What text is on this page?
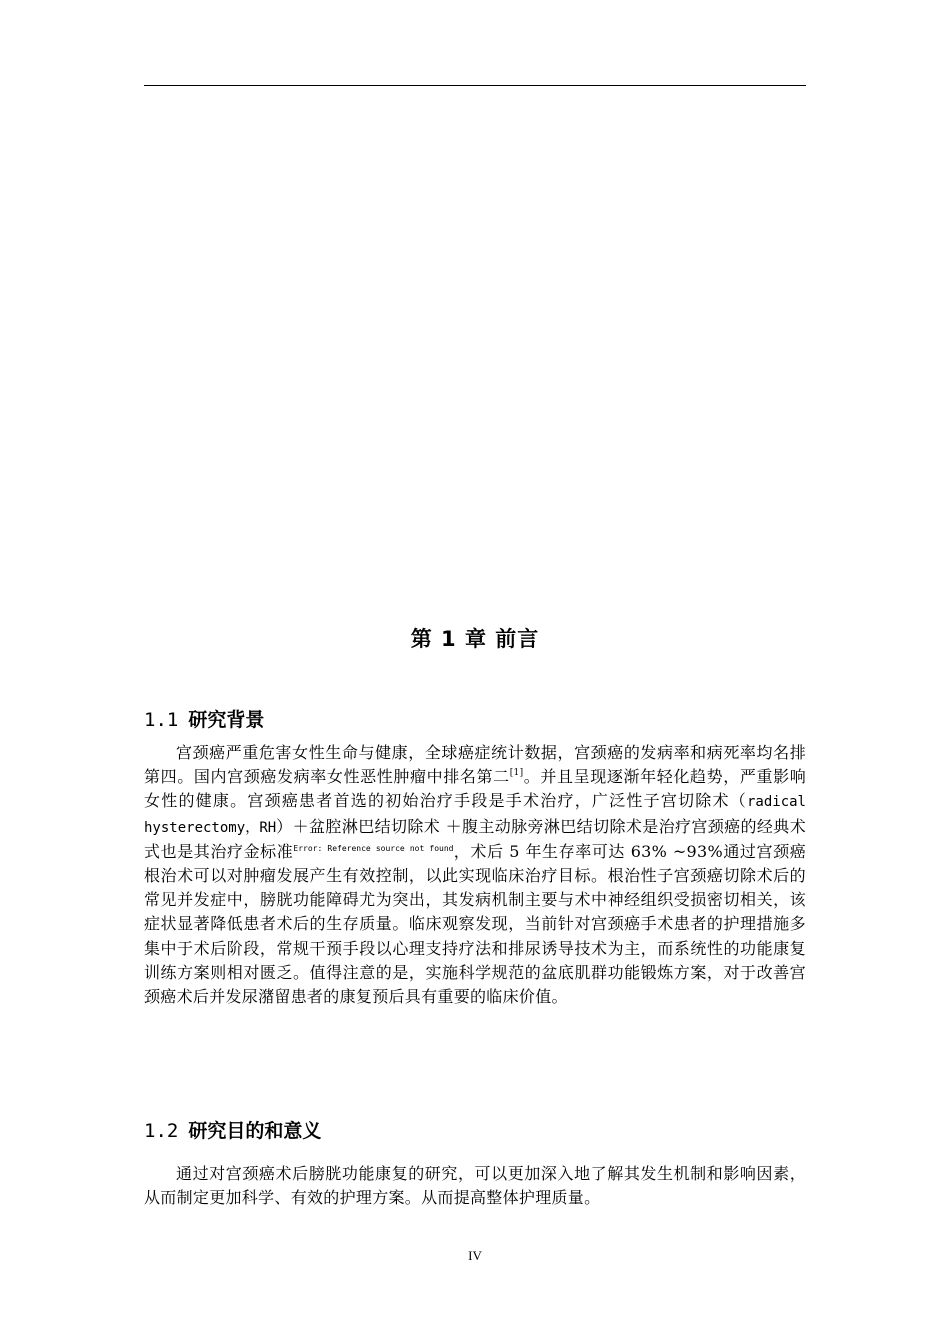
第 1 章 前言
1.1 研究背景

宫颈癌严重危害女性生命与健康，全球癌症统计数据，宫颈癌的发病率和病死率均名排第四。国内宫颈癌发病率女性恶性肿瘤中排名第二[1]。并且呈现逐渐年轻化趋势，严重影响女性的健康。宫颈癌患者首选的初始治疗手段是手术治疗，广泛性子宫切除术（radical hysterectomy，RH）＋盆腔淋巴结切除术 ＋腹主动脉旁淋巴结切除术是治疗宫颈癌的经典术式也是其治疗金标准$^{Error: Reference source not found}$，术后 5 年生存率可达 63% ~93%通过宫颈癌根治术可以对肿瘤发展产生有效控制，以此实现临床治疗目标。根治性子宫颈癌切除术后的常见并发症中，膀胱功能障碍尤为突出，其发病机制主要与术中神经组织受损密切相关，该症状显著降低患者术后的生存质量。临床观察发现，当前针对宫颈癌手术患者的护理措施多集中于术后阶段，常规干预手段以心理支持疗法和排尿诱导技术为主，而系统性的功能康复训练方案则相对匮乏。值得注意的是，实施科学规范的盆底肌群功能锻炼方案，对于改善宫颈癌术后并发尿潴留患者的康复预后具有重要的临床价值。

1.2 研究目的和意义

通过对宫颈癌术后膀胱功能康复的研究，可以更加深入地了解其发生机制和影响因素，从而制定更加科学、有效的护理方案。从而提高整体护理质量。

IV
